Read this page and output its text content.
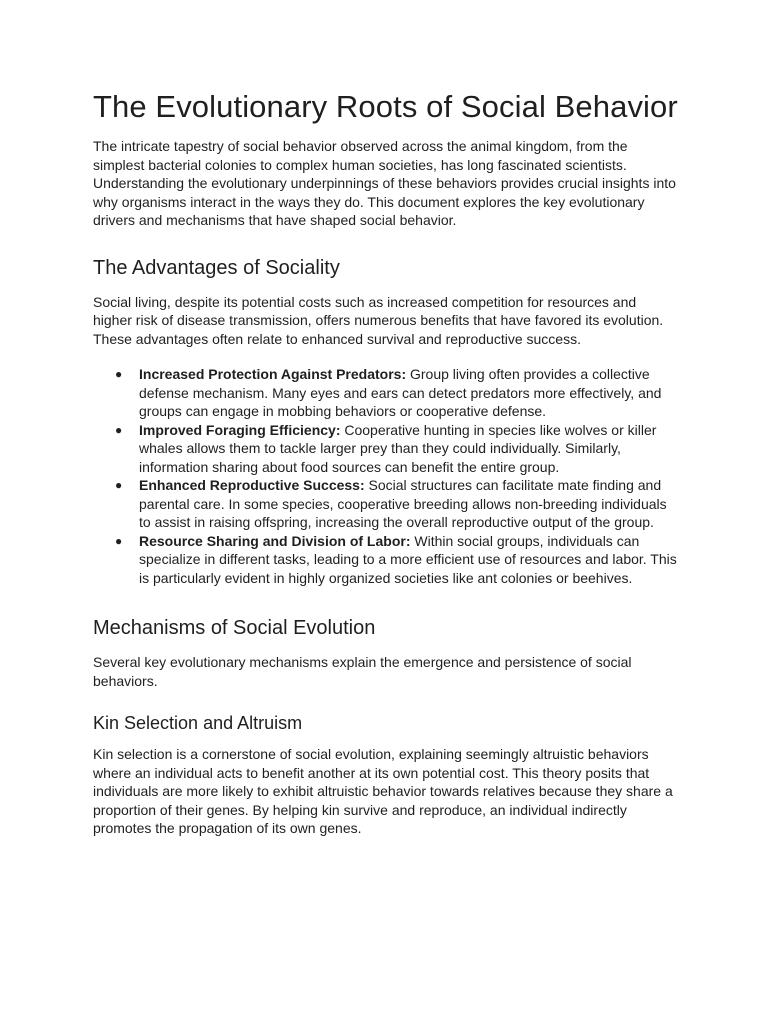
The Evolutionary Roots of Social Behavior

The intricate tapestry of social behavior observed across the animal kingdom, from the simplest bacterial colonies to complex human societies, has long fascinated scientists. Understanding the evolutionary underpinnings of these behaviors provides crucial insights into why organisms interact in the ways they do. This document explores the key evolutionary drivers and mechanisms that have shaped social behavior.

The Advantages of Sociality

Social living, despite its potential costs such as increased competition for resources and higher risk of disease transmission, offers numerous benefits that have favored its evolution. These advantages often relate to enhanced survival and reproductive success.

● Increased Protection Against Predators: Group living often provides a collective defense mechanism. Many eyes and ears can detect predators more effectively, and groups can engage in mobbing behaviors or cooperative defense.
● Improved Foraging Efficiency: Cooperative hunting in species like wolves or killer whales allows them to tackle larger prey than they could individually. Similarly, information sharing about food sources can benefit the entire group.
● Enhanced Reproductive Success: Social structures can facilitate mate finding and parental care. In some species, cooperative breeding allows non-breeding individuals to assist in raising offspring, increasing the overall reproductive output of the group.
● Resource Sharing and Division of Labor: Within social groups, individuals can specialize in different tasks, leading to a more efficient use of resources and labor. This is particularly evident in highly organized societies like ant colonies or beehives.
Mechanisms of Social Evolution

Several key evolutionary mechanisms explain the emergence and persistence of social behaviors.

Kin Selection and Altruism

Kin selection is a cornerstone of social evolution, explaining seemingly altruistic behaviors where an individual acts to benefit another at its own potential cost. This theory posits that individuals are more likely to exhibit altruistic behavior towards relatives because they share a proportion of their genes. By helping kin survive and reproduce, an individual indirectly promotes the propagation of its own genes.
